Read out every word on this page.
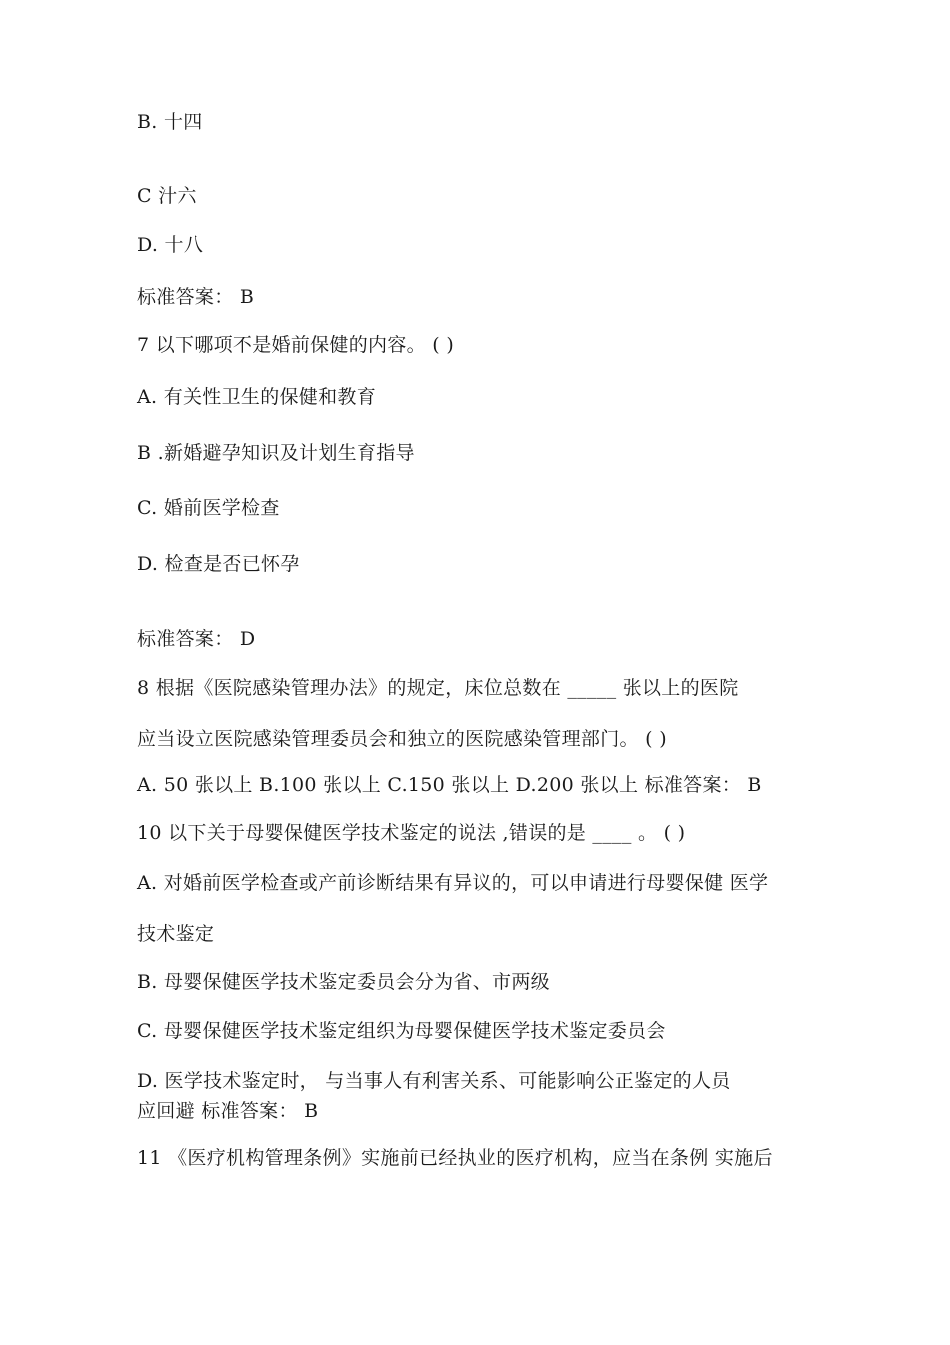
B. 十四
C 汁六
D. 十八
标准答案： B
7 以下哪项不是婚前保健的内容。 ( )
A. 有关性卫生的保健和教育
B .新婚避孕知识及计划生育指导
C. 婚前医学检查
D. 检查是否已怀孕
标准答案： D
8 根据《医院感染管理办法》的规定，床位总数在 _____ 张以上的医院
应当设立医院感染管理委员会和独立的医院感染管理部门。 ( )
A. 50 张以上 B.100 张以上 C.150 张以上 D.200 张以上 标准答案： B
10 以下关于母婴保健医学技术鉴定的说法 ,错误的是 ____ 。 ( )
A. 对婚前医学检查或产前诊断结果有异议的，可以申请进行母婴保健 医学
技术鉴定
B. 母婴保健医学技术鉴定委员会分为省、市两级
C. 母婴保健医学技术鉴定组织为母婴保健医学技术鉴定委员会
D. 医学技术鉴定时， 与当事人有利害关系、可能影响公正鉴定的人员
应回避 标准答案： B
11 《医疗机构管理条例》实施前已经执业的医疗机构，应当在条例 实施后
